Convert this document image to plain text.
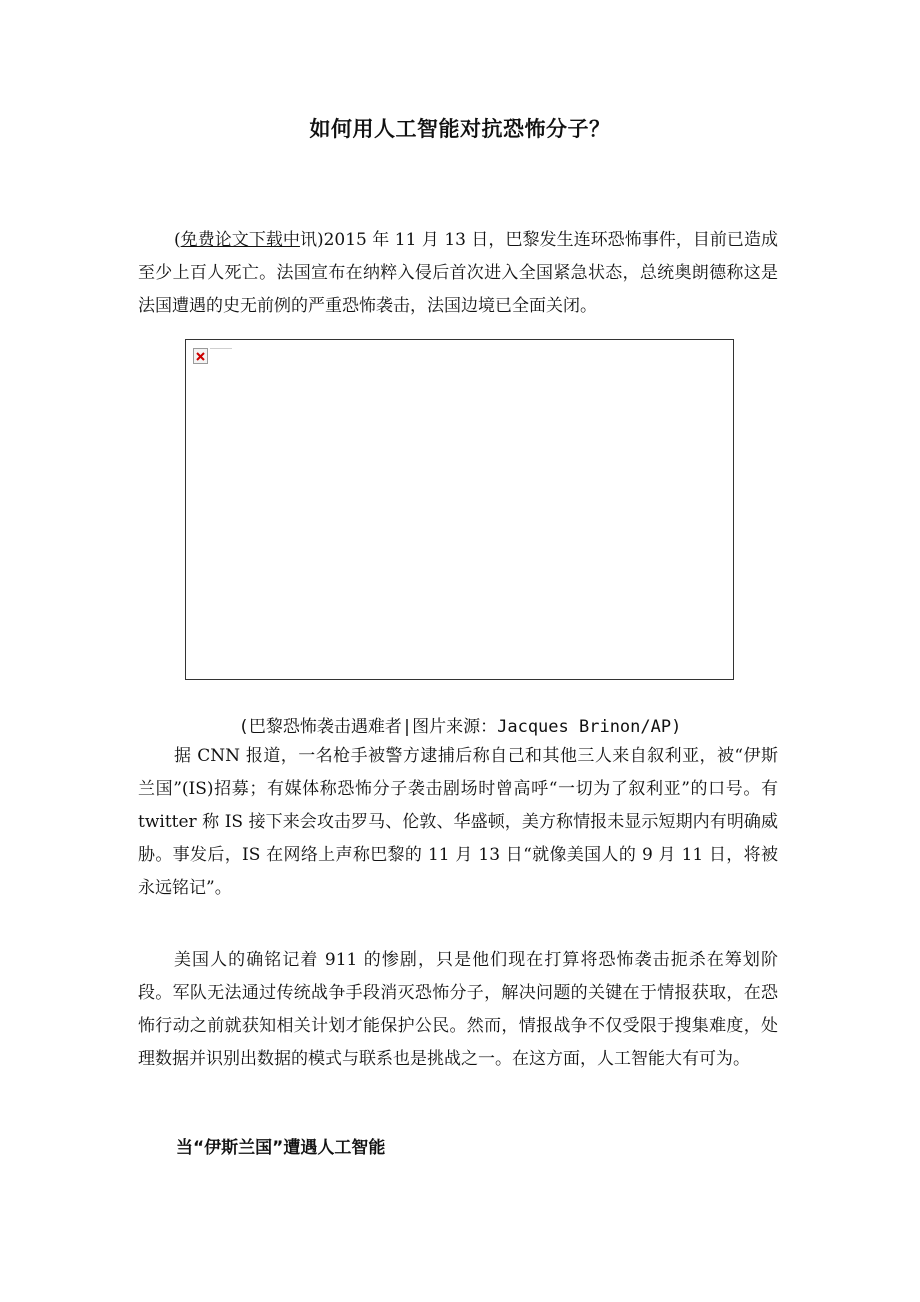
如何用人工智能对抗恐怖分子？
(免费论文下载中讯)2015 年 11 月 13 日，巴黎发生连环恐怖事件，目前已造成至少上百人死亡。法国宣布在纳粹入侵后首次进入全国紧急状态，总统奥朗德称这是法国遭遇的史无前例的严重恐怖袭击，法国边境已全面关闭。
(巴黎恐怖袭击遇难者|图片来源：Jacques Brinon/AP)
据 CNN 报道，一名枪手被警方逮捕后称自己和其他三人来自叙利亚，被“伊斯兰国”(IS)招募；有媒体称恐怖分子袭击剧场时曾高呼“一切为了叙利亚”的口号。有 twitter 称 IS 接下来会攻击罗马、伦敦、华盛顿，美方称情报未显示短期内有明确威胁。事发后，IS 在网络上声称巴黎的 11 月 13 日“就像美国人的 9 月 11 日，将被永远铭记”。
美国人的确铭记着 911 的惨剧，只是他们现在打算将恐怖袭击扼杀在筹划阶段。军队无法通过传统战争手段消灭恐怖分子，解决问题的关键在于情报获取，在恐怖行动之前就获知相关计划才能保护公民。然而，情报战争不仅受限于搜集难度，处理数据并识别出数据的模式与联系也是挑战之一。在这方面，人工智能大有可为。
当“伊斯兰国”遭遇人工智能
